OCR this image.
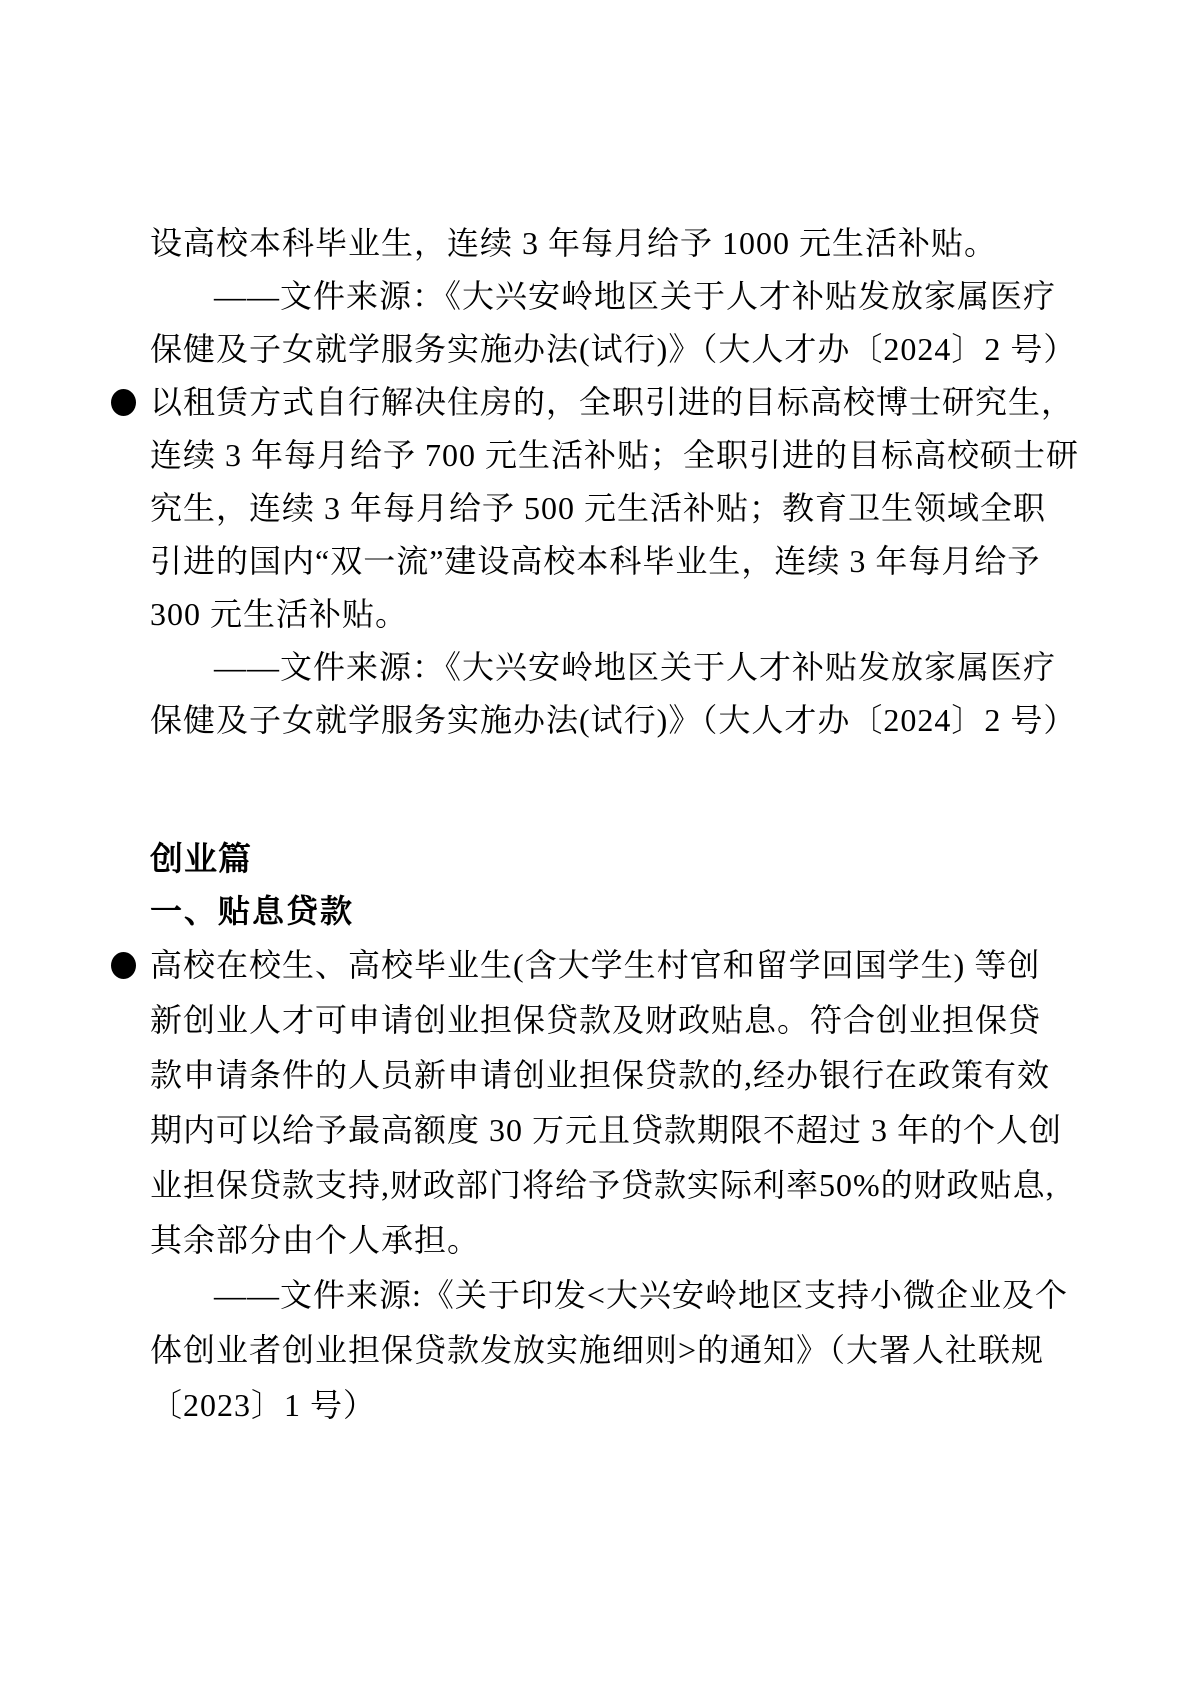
设高校本科毕业生，连续 3 年每月给予 1000 元生活补贴。
——文件来源：《大兴安岭地区关于人才补贴发放家属医疗
保健及子女就学服务实施办法(试行)》（大人才办〔2024〕2 号）
以租赁方式自行解决住房的，全职引进的目标高校博士研究生，
连续 3 年每月给予 700 元生活补贴；全职引进的目标高校硕士研
究生，连续 3 年每月给予 500 元生活补贴；教育卫生领域全职
引进的国内“双一流”建设高校本科毕业生，连续 3 年每月给予
300 元生活补贴。
——文件来源：《大兴安岭地区关于人才补贴发放家属医疗
保健及子女就学服务实施办法(试行)》（大人才办〔2024〕2 号）
创业篇
一、贴息贷款
高校在校生、高校毕业生(含大学生村官和留学回国学生) 等创
新创业人才可申请创业担保贷款及财政贴息。符合创业担保贷
款申请条件的人员新申请创业担保贷款的,经办银行在政策有效
期内可以给予最高额度 30 万元且贷款期限不超过 3 年的个人创
业担保贷款支持,财政部门将给予贷款实际利率50%的财政贴息,
其余部分由个人承担。
——文件来源:《关于印发<大兴安岭地区支持小微企业及个
体创业者创业担保贷款发放实施细则>的通知》（大署人社联规
〔2023〕1 号）
